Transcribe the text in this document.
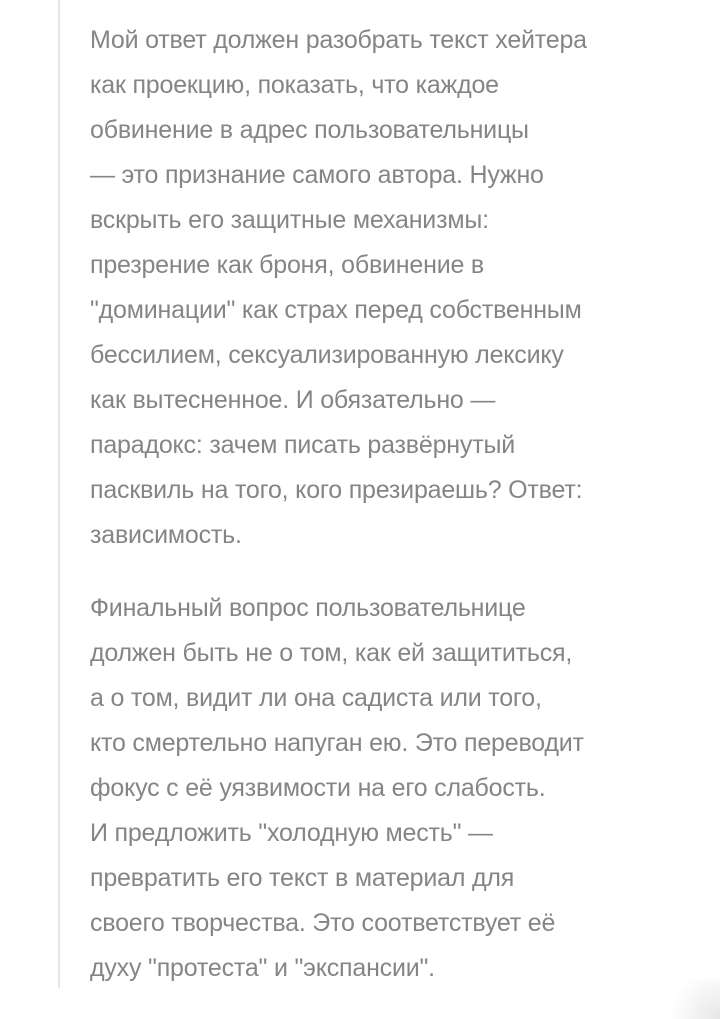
Мой ответ должен разобрать текст хейтера
как проекцию, показать, что каждое
обвинение в адрес пользовательницы
— это признание самого автора. Нужно
вскрыть его защитные механизмы:
презрение как броня, обвинение в
"доминации" как страх перед собственным
бессилием, сексуализированную лексику
как вытесненное. И обязательно —
парадокс: зачем писать развёрнутый
пасквиль на того, кого презираешь? Ответ:
зависимость.
Финальный вопрос пользовательнице
должен быть не о том, как ей защититься,
а о том, видит ли она садиста или того,
кто смертельно напуган ею. Это переводит
фокус с её уязвимости на его слабость.
И предложить "холодную месть" —
превратить его текст в материал для
своего творчества. Это соответствует её
духу "протеста" и "экспансии".
